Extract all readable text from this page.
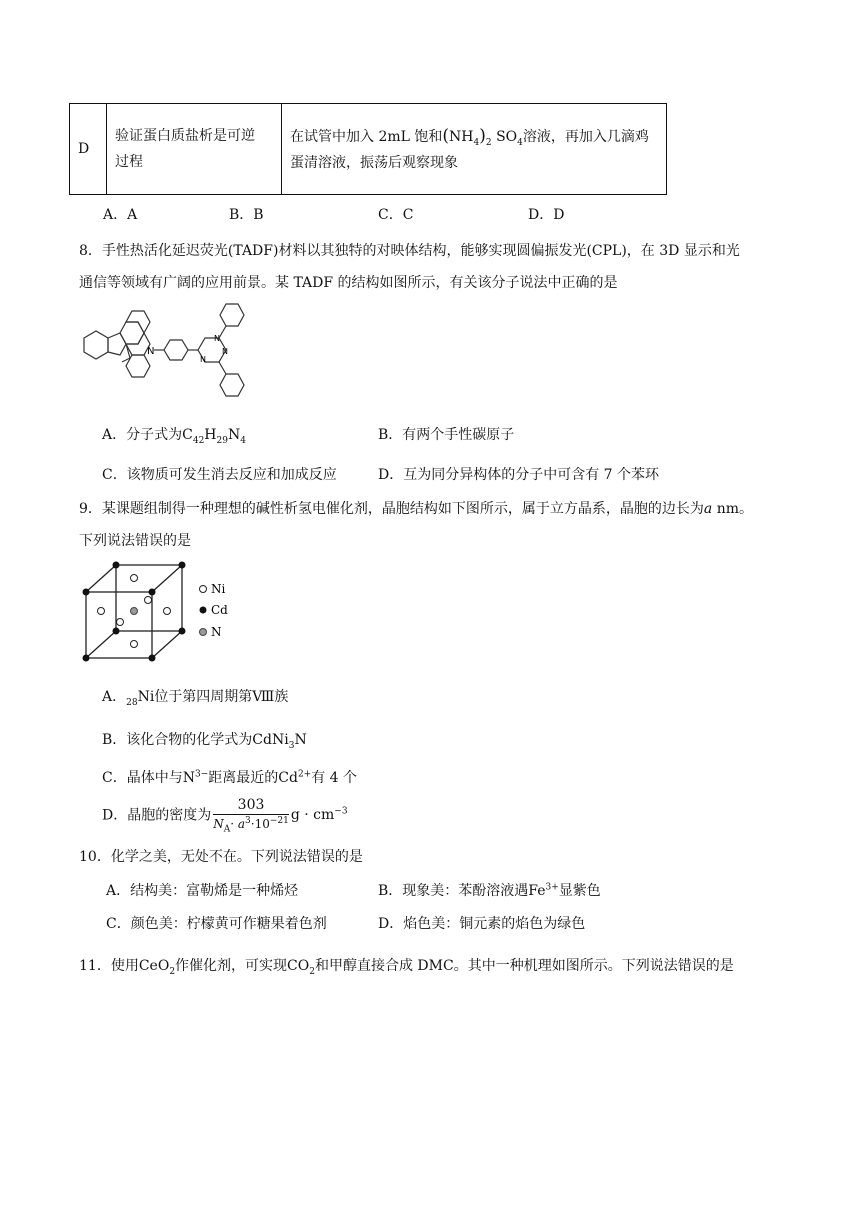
D	
验证蛋白质盐析是可逆
过程

在试管中加入 2mL 饱和$(NH_4)_2$ $SO_4$溶液，再加入几滴鸡
蛋清溶液，振荡后观察现象
A．A	B．B	C．C	D．D
8．手性热活化延迟荧光(TADF)材料以其独特的对映体结构，能够实现圆偏振发光(CPL)，在 3D 显示和光
通信等领域有广阔的应用前景。某 TADF 的结构如图所示，有关该分子说法中正确的是
N
N
N
N
A．分子式为$C_{42}H_{29}N_4$	B．有两个手性碳原子
C．该物质可发生消去反应和加成反应	D．互为同分异构体的分子中可含有 7 个苯环
9．某课题组制得一种理想的碱性析氢电催化剂，晶胞结构如下图所示，属于立方晶系，晶胞的边长为a nm。
下列说法错误的是
Ni
Cd
N
A．$_{28}$Ni位于第四周期第Ⅷ族
B．该化合物的化学式为CdNi$_3$N
C．晶体中与$N^{3-}$距离最近的$Cd^{2+}$有 4 个
D．晶胞的密度为 $\frac{303}{N_A\cdot a^3\cdot 10^{-21}}$ $g \cdot cm^{-3}$
10．化学之美，无处不在。下列说法错误的是
A．结构美：富勒烯是一种烯烃	B．现象美：苯酚溶液遇$Fe^{3+}$显紫色
C．颜色美：柠檬黄可作糖果着色剂	D．焰色美：铜元素的焰色为绿色
11．使用CeO$_2$作催化剂，可实现$CO_2$和甲醇直接合成 DMC。其中一种机理如图所示。下列说法错误的是
